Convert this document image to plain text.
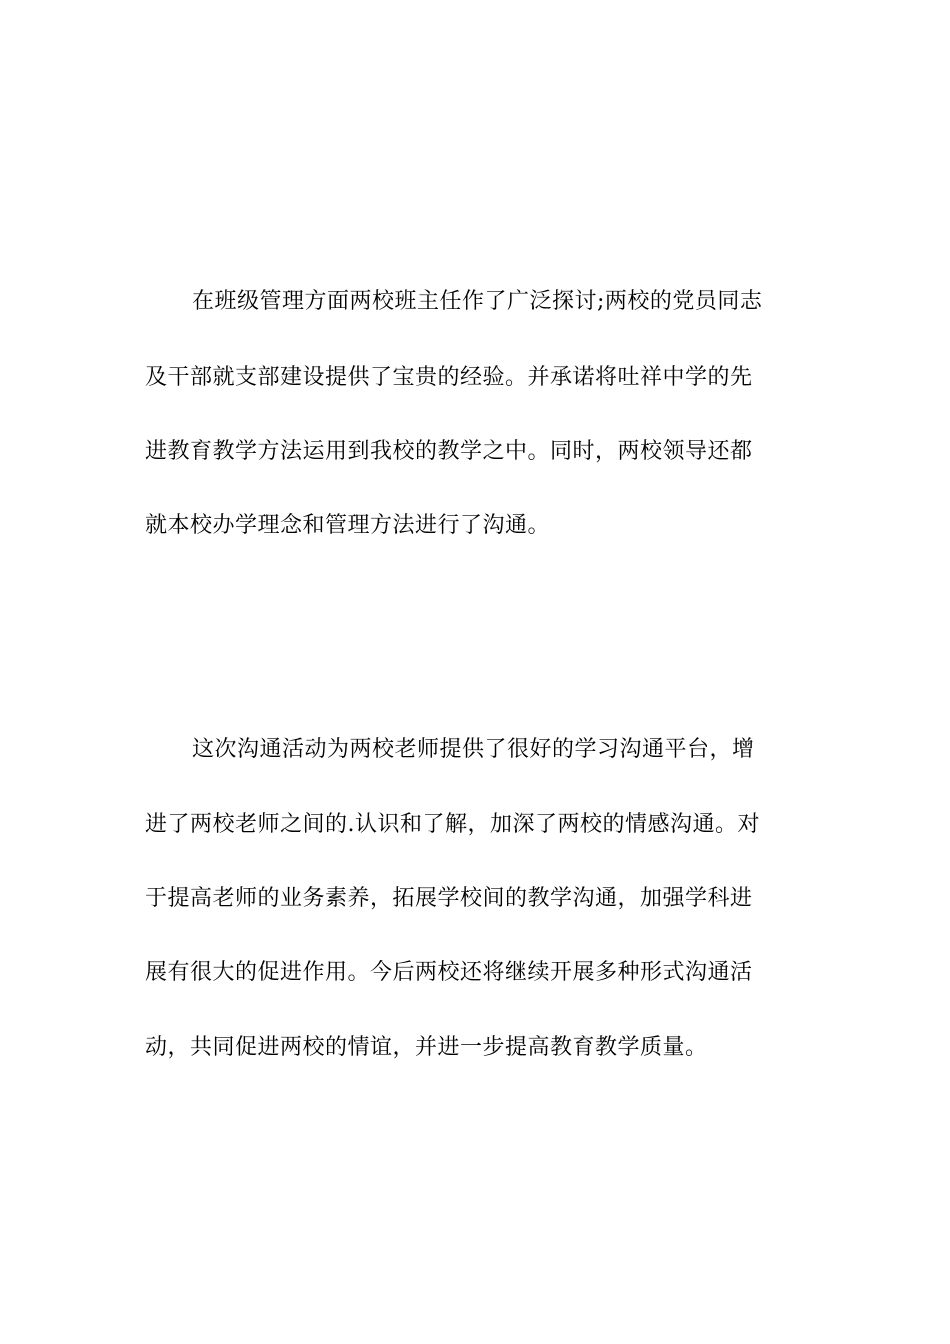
在班级管理方面两校班主任作了广泛探讨;两校的党员同志
及干部就支部建设提供了宝贵的经验。并承诺将吐祥中学的先
进教育教学方法运用到我校的教学之中。同时，两校领导还都
就本校办学理念和管理方法进行了沟通。
这次沟通活动为两校老师提供了很好的学习沟通平台，增
进了两校老师之间的.认识和了解，加深了两校的情感沟通。对
于提高老师的业务素养，拓展学校间的教学沟通，加强学科进
展有很大的促进作用。今后两校还将继续开展多种形式沟通活
动，共同促进两校的情谊，并进一步提高教育教学质量。
